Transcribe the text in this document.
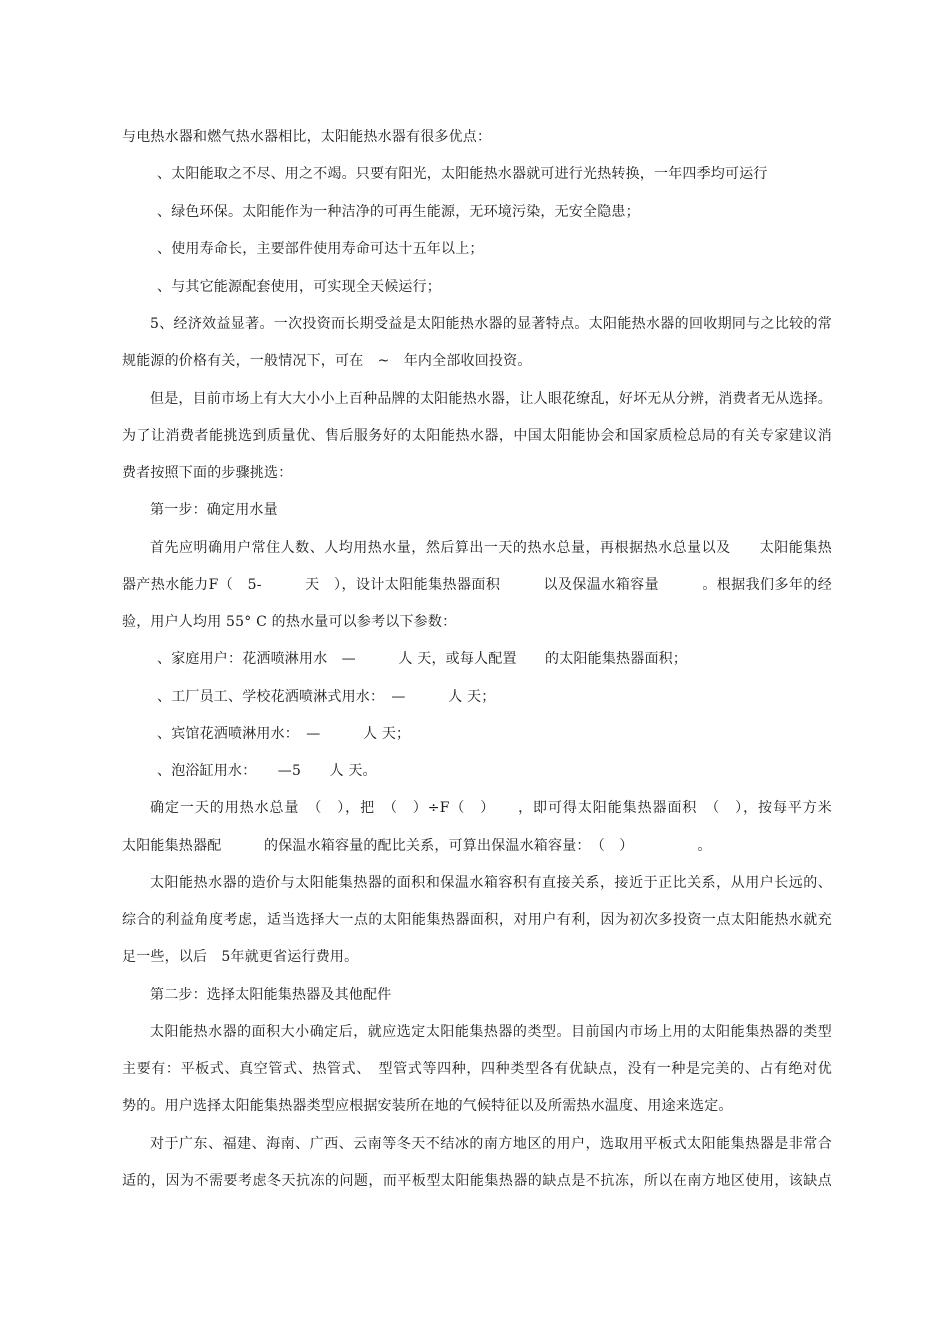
与电热水器和燃气热水器相比，太阳能热水器有很多优点：
、太阳能取之不尽、用之不竭。只要有阳光，太阳能热水器就可进行光热转换，一年四季均可运行
、绿色环保。太阳能作为一种洁净的可再生能源，无环境污染，无安全隐患；
、使用寿命长，主要部件使用寿命可达十五年以上；
、与其它能源配套使用，可实现全天候运行；
5、经济效益显著。一次投资而长期受益是太阳能热水器的显著特点。太阳能热水器的回收期同与之比较的常
规能源的价格有关，一般情况下，可在　~　年内全部收回投资。
但是，目前市场上有大大小小上百种品牌的太阳能热水器，让人眼花缭乱，好坏无从分辨，消费者无从选择。
为了让消费者能挑选到质量优、售后服务好的太阳能热水器，中国太阳能协会和国家质检总局的有关专家建议消
费者按照下面的步骤挑选：
第一步：确定用水量
首先应明确用户常住人数、人均用热水量，然后算出一天的热水总量，再根据热水总量以及　　太阳能集热
器产热水能力F（　5-　　　天　），设计太阳能集热器面积　　　以及保温水箱容量　　　。根据我们多年的经
验，用户人均用 55° C 的热水量可以参考以下参数：
、家庭用户：花洒喷淋用水　—　　　人 天，或每人配置　　的太阳能集热器面积；
、工厂员工、学校花洒喷淋式用水：　—　　　人 天；
、宾馆花洒喷淋用水：　—　　　人 天；
、泡浴缸用水：　　—5　　人 天。
确定一天的用热水总量　（　），把　（　）÷F（　）　　，即可得太阳能集热器面积　（　），按每平方米
太阳能集热器配　　　的保温水箱容量的配比关系，可算出保温水箱容量：　（　）　　　　　。
太阳能热水器的造价与太阳能集热器的面积和保温水箱容积有直接关系，接近于正比关系，从用户长远的、
综合的利益角度考虑，适当选择大一点的太阳能集热器面积，对用户有利，因为初次多投资一点太阳能热水就充
足一些，以后　5年就更省运行费用。
第二步：选择太阳能集热器及其他配件
太阳能热水器的面积大小确定后，就应选定太阳能集热器的类型。目前国内市场上用的太阳能集热器的类型
主要有：平板式、真空管式、热管式、　型管式等四种，四种类型各有优缺点，没有一种是完美的、占有绝对优
势的。用户选择太阳能集热器类型应根据安装所在地的气候特征以及所需热水温度、用途来选定。
对于广东、福建、海南、广西、云南等冬天不结冰的南方地区的用户，选取用平板式太阳能集热器是非常合
适的，因为不需要考虑冬天抗冻的问题，而平板型太阳能集热器的缺点是不抗冻，所以在南方地区使用，该缺点
